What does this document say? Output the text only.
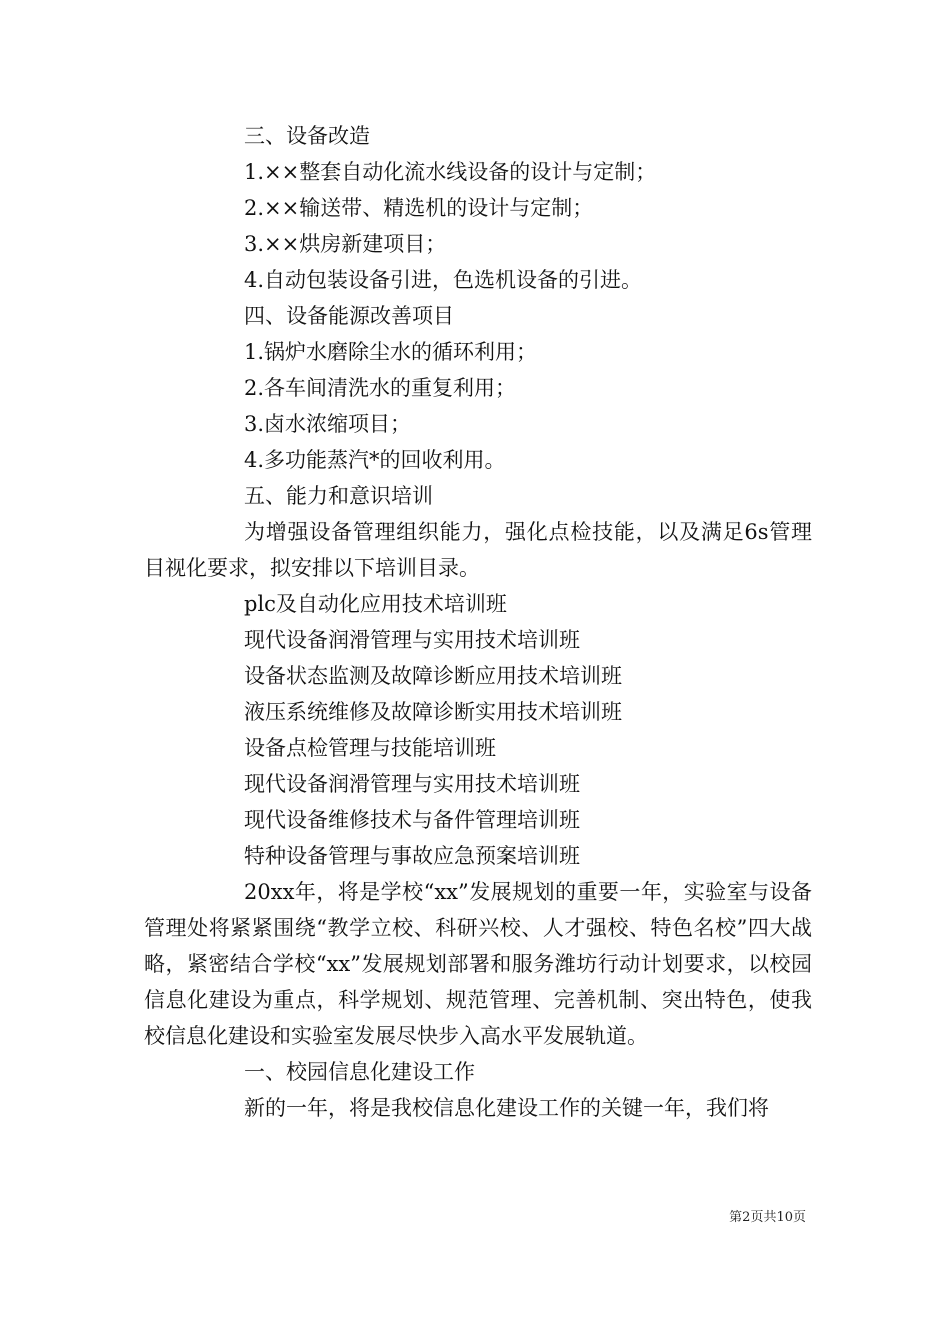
三、设备改造

1.××整套自动化流水线设备的设计与定制；

2.××输送带、精选机的设计与定制；

3.××烘房新建项目；

4.自动包装设备引进，色选机设备的引进。

四、设备能源改善项目

1.锅炉水磨除尘水的循环利用；

2.各车间清洗水的重复利用；

3.卤水浓缩项目；

4.多功能蒸汽*的回收利用。

五、能力和意识培训

为增强设备管理组织能力，强化点检技能，以及满足6s管理目视化要求，拟安排以下培训目录。

plc及自动化应用技术培训班

现代设备润滑管理与实用技术培训班

设备状态监测及故障诊断应用技术培训班

液压系统维修及故障诊断实用技术培训班

设备点检管理与技能培训班

现代设备润滑管理与实用技术培训班

现代设备维修技术与备件管理培训班

特种设备管理与事故应急预案培训班

20xx年，将是学校“xx”发展规划的重要一年，实验室与设备管理处将紧紧围绕“教学立校、科研兴校、人才强校、特色名校”四大战略，紧密结合学校“xx”发展规划部署和服务潍坊行动计划要求，以校园信息化建设为重点，科学规划、规范管理、完善机制、突出特色，使我校信息化建设和实验室发展尽快步入高水平发展轨道。

一、校园信息化建设工作

新的一年，将是我校信息化建设工作的关键一年，我们将

第2页共10页
